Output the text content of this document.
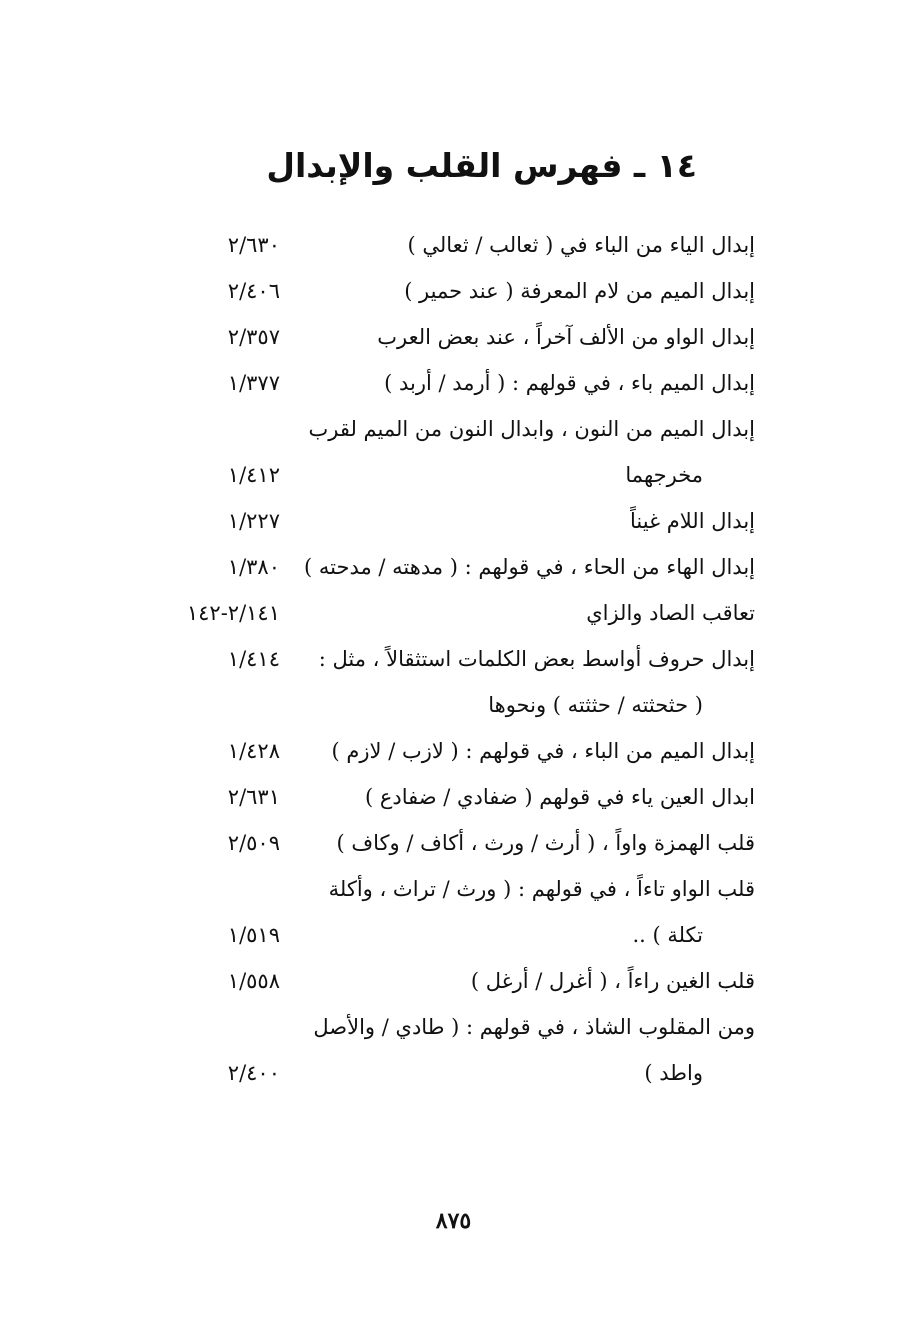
١٤ ـ فهرس القلب والإبدال
إبدال الياء من الباء في ( ثعالب / ثعالي )
٢/٦٣٠
إبدال الميم من لام المعرفة ( عند حمير )
٢/٤٠٦
إبدال الواو من الألف آخراً ، عند بعض العرب
٢/٣٥٧
إبدال الميم باء ، في قولهم : ( أرمد / أربد )
١/٣٧٧
إبدال الميم من النون ، وابدال النون من الميم لقرب
مخرجهما
١/٤١٢
إبدال اللام غيناً
١/٢٢٧
إبدال الهاء من الحاء ، في قولهم : ( مدهته / مدحته )
١/٣٨٠
تعاقب الصاد والزاي
٢/١٤١-١٤٢
إبدال حروف أواسط بعض الكلمات استثقالاً ، مثل :
١/٤١٤
( حثحثته / حثثته ) ونحوها
إبدال الميم من الباء ، في قولهم : ( لازب / لازم )
١/٤٢٨
ابدال العين ياء في قولهم ( ضفادي / ضفادع )
٢/٦٣١
قلب الهمزة واواً ، ( أرث / ورث ، أكاف / وكاف )
٢/٥٠٩
قلب الواو تاءاً ، في قولهم : ( ورث / تراث ، وأكلة
تكلة ) ..
١/٥١٩
قلب الغين راءاً ، ( أغرل / أرغل )
١/٥٥٨
ومن المقلوب الشاذ ، في قولهم : ( طادي / والأصل
واطد )
٢/٤٠٠
٨٧٥
